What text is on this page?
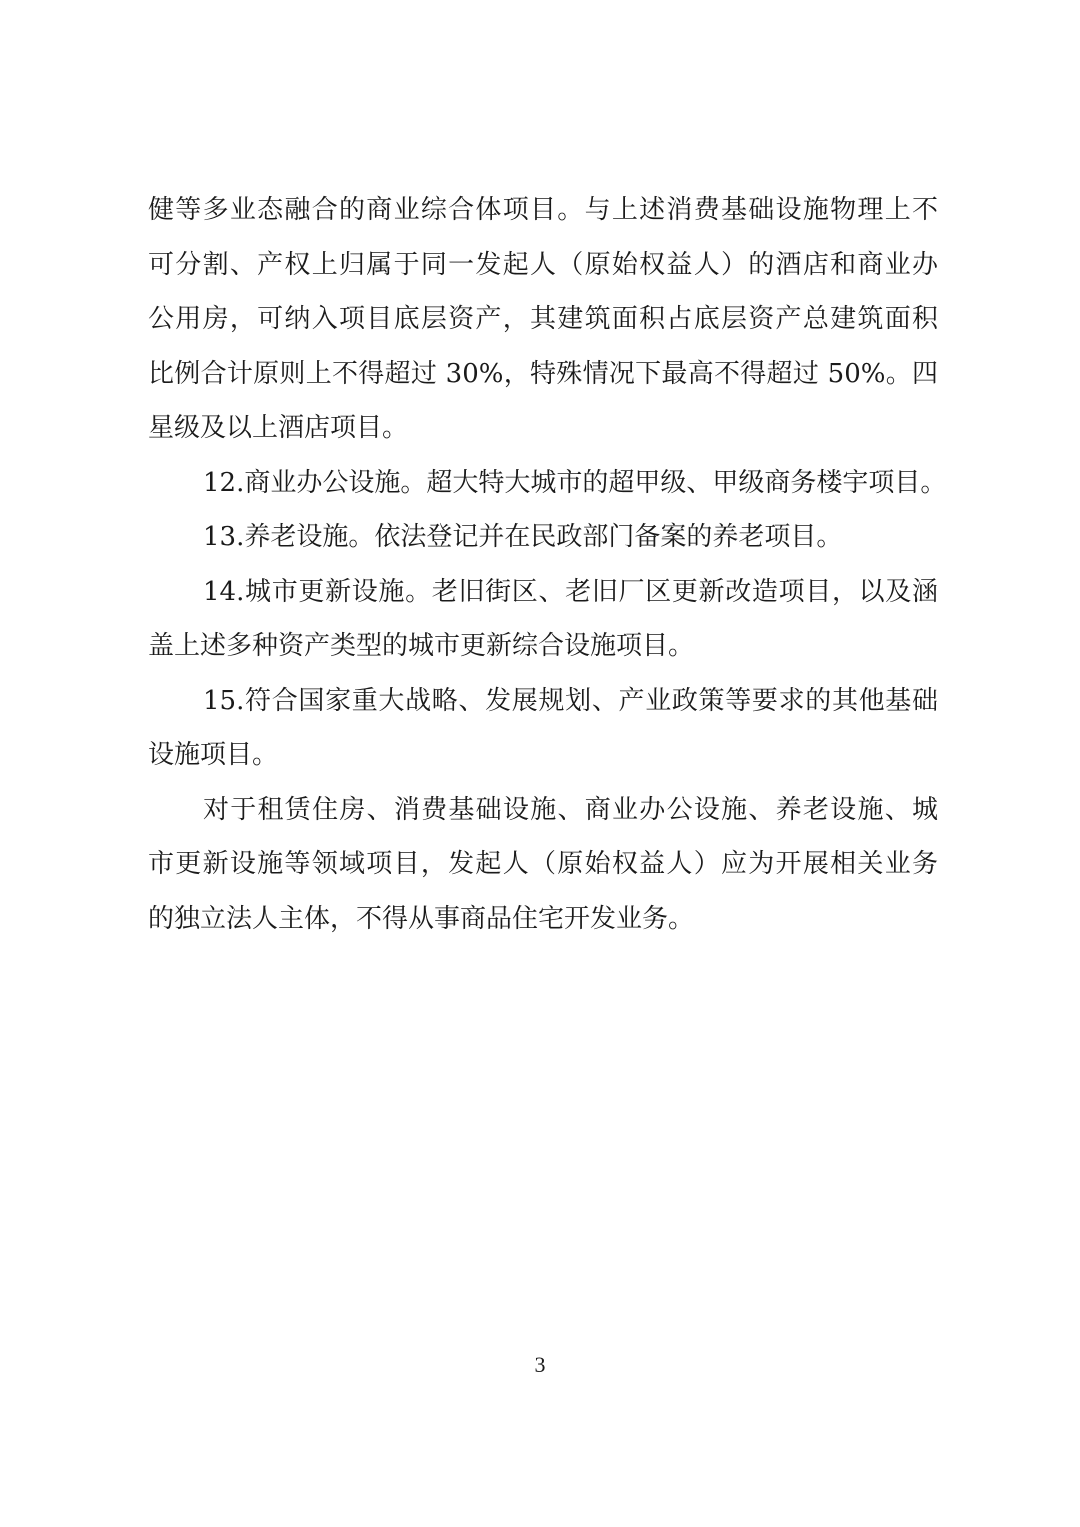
健等多业态融合的商业综合体项目。与上述消费基础设施物理上不
可分割、产权上归属于同一发起人（原始权益人）的酒店和商业办
公用房，可纳入项目底层资产，其建筑面积占底层资产总建筑面积
比例合计原则上不得超过 30%，特殊情况下最高不得超过 50%。四
星级及以上酒店项目。
12.商业办公设施。超大特大城市的超甲级、甲级商务楼宇项目。
13.养老设施。依法登记并在民政部门备案的养老项目。
14.城市更新设施。老旧街区、老旧厂区更新改造项目，以及涵
盖上述多种资产类型的城市更新综合设施项目。
15.符合国家重大战略、发展规划、产业政策等要求的其他基础
设施项目。
对于租赁住房、消费基础设施、商业办公设施、养老设施、城
市更新设施等领域项目，发起人（原始权益人）应为开展相关业务
的独立法人主体，不得从事商品住宅开发业务。
3
